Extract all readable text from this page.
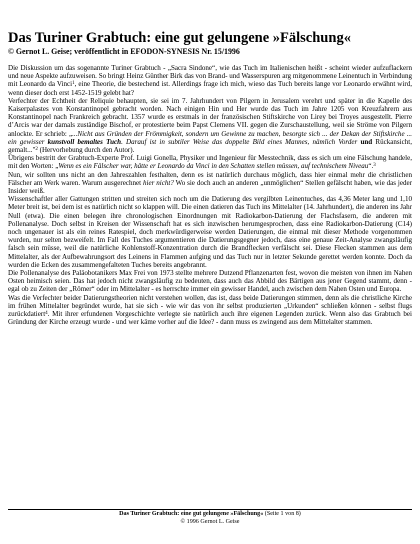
Das Turiner Grabtuch: eine gut gelungene »Fälschung«
© Gernot L. Geise; veröffentlicht in EFODON-SYNESIS Nr. 15/1996

Die Diskussion um das sogenannte Turiner Grabtuch - „Sacra Sindone“, wie das Tuch im Italienischen heißt - scheint wieder aufzuflackern und neue Aspekte aufzuweisen. So bringt Heinz Günther Birk das von Brand- und Wasserspuren arg mitgenommene Leinentuch in Verbindung mit Leonardo da Vinci$^1$, eine Theorie, die bestechend ist. Allerdings frage ich mich, wieso das Tuch bereits lange vor Leonardo erwähnt wird, wenn dieser doch erst 1452-1519 gelebt hat?

Verfechter der Echtheit der Reliquie behaupten, sie sei im 7. Jahrhundert von Pilgern in Jerusalem verehrt und später in die Kapelle des Kaiserpalastes von Konstantinopel gebracht worden. Nach einigen Hin und Her wurde das Tuch im Jahre 1205 von Kreuzfahrern aus Konstantinopel nach Frankreich gebracht. 1357 wurde es erstmals in der französischen Stiftskirche von Lirey bei Troyes ausgestellt. Pierre d’Arcis war der damals zuständige Bischof, er protestierte beim Papst Clemens VII. gegen die Zurschaustellung, weil sie Ströme von Pilgern anlockte. Er schrieb: „...Nicht aus Gründen der Frömmigkeit, sondern um Gewinne zu machen, besorgte sich ... der Dekan der Stiftskirche ... ein gewisser kunstvoll bemaltes Tuch. Darauf ist in subtiler Weise das doppelte Bild eines Mannes, nämlich Vorder und Rückansicht, gemalt..."$^2$ (Hervorhebung durch den Autor).

Übrigens bestritt der Grabtuch-Experte Prof. Luigi Gonella, Physiker und Ingenieur für Messtechnik, dass es sich um eine Fälschung handele, mit den Worten: „Wenn es ein Fälscher war, hätte er Leonardo da Vinci in den Schatten stellen müssen, auf technischem Niveau“.$^3$

Nun, wir sollten uns nicht an den Jahreszahlen festhalten, denn es ist natürlich durchaus möglich, dass hier einmal mehr die christlichen Fälscher am Werk waren. Warum ausgerechnet hier nicht? Wo sie doch auch an anderen „unmöglichen“ Stellen gefälscht haben, wie das jeder Insider weiß.

Wissenschaftler aller Gattungen stritten und streiten sich noch um die Datierung des vergilbten Leinentuches, das 4,36 Meter lang und 1,10 Meter breit ist, bei dem ist es natürlich nicht so klappen will. Die einen datieren das Tuch ins Mittelalter (14. Jahrhundert), die anderen ins Jahr Null (etwa). Die einen belegen ihre chronologischen Einordnungen mit Radiokarbon-Datierung der Flachsfasern, die anderen mit Pollenanalyse. Doch selbst in Kreisen der Wissenschaft hat es sich inzwischen herumgesprochen, dass eine Radiokarbon-Datierung (C14) noch ungenauer ist als ein reines Ratespiel, doch merkwürdigerweise werden Datierungen, die einmal mit dieser Methode vorgenommen wurden, nur selten bezweifelt. Im Fall des Tuches argumentieren die Datierungsgegner jedoch, dass eine genaue Zeit-Analyse zwangsläufig falsch sein müsse, weil die natürliche Kohlenstoff-Konzentration durch die Brandflecken verfälscht sei. Diese Flecken stammen aus dem Mittelalter, als der Aufbewahrungsort des Leinens in Flammen aufging und das Tuch nur in letzter Sekunde gerettet werden konnte. Doch da wurden die Ecken des zusammengefalteten Tuches bereits angebrannt.

Die Pollenanalyse des Paläobotanikers Max Frei von 1973 stellte mehrere Dutzend Pflanzenarten fest, wovon die meisten von ihnen im Nahen Osten heimisch seien. Das hat jedoch nicht zwangsläufig zu bedeuten, dass auch das Abbild des Bärtigen aus jener Gegend stammt, denn - egal ob zu Zeiten der „Römer“ oder im Mittelalter - es herrschte immer ein gewisser Handel, auch zwischen dem Nahen Osten und Europa.

Was die Verfechter beider Datierungstheorien nicht verstehen wollen, das ist, dass beide Datierungen stimmen, denn als die christliche Kirche im frühen Mittelalter begründet wurde, hat sie sich - wie wir das von ihr selbst produzierten „Urkunden“ schließen können - selbst flugs zurückdatiert$^4$. Mit ihrer erfundenen Vorgeschichte verlegte sie natürlich auch ihre eigenen Legenden zurück. Wenn also das Grabtuch bei Gründung der Kirche erzeugt wurde - und wer käme vorher auf die Idee? - dann muss es zwingend aus dem Mittelalter stammen.

Das Turiner Grabtuch: eine gut gelungene »Fälschung« (Seite 1 von 8)
© 1996 Gernot L. Geise
